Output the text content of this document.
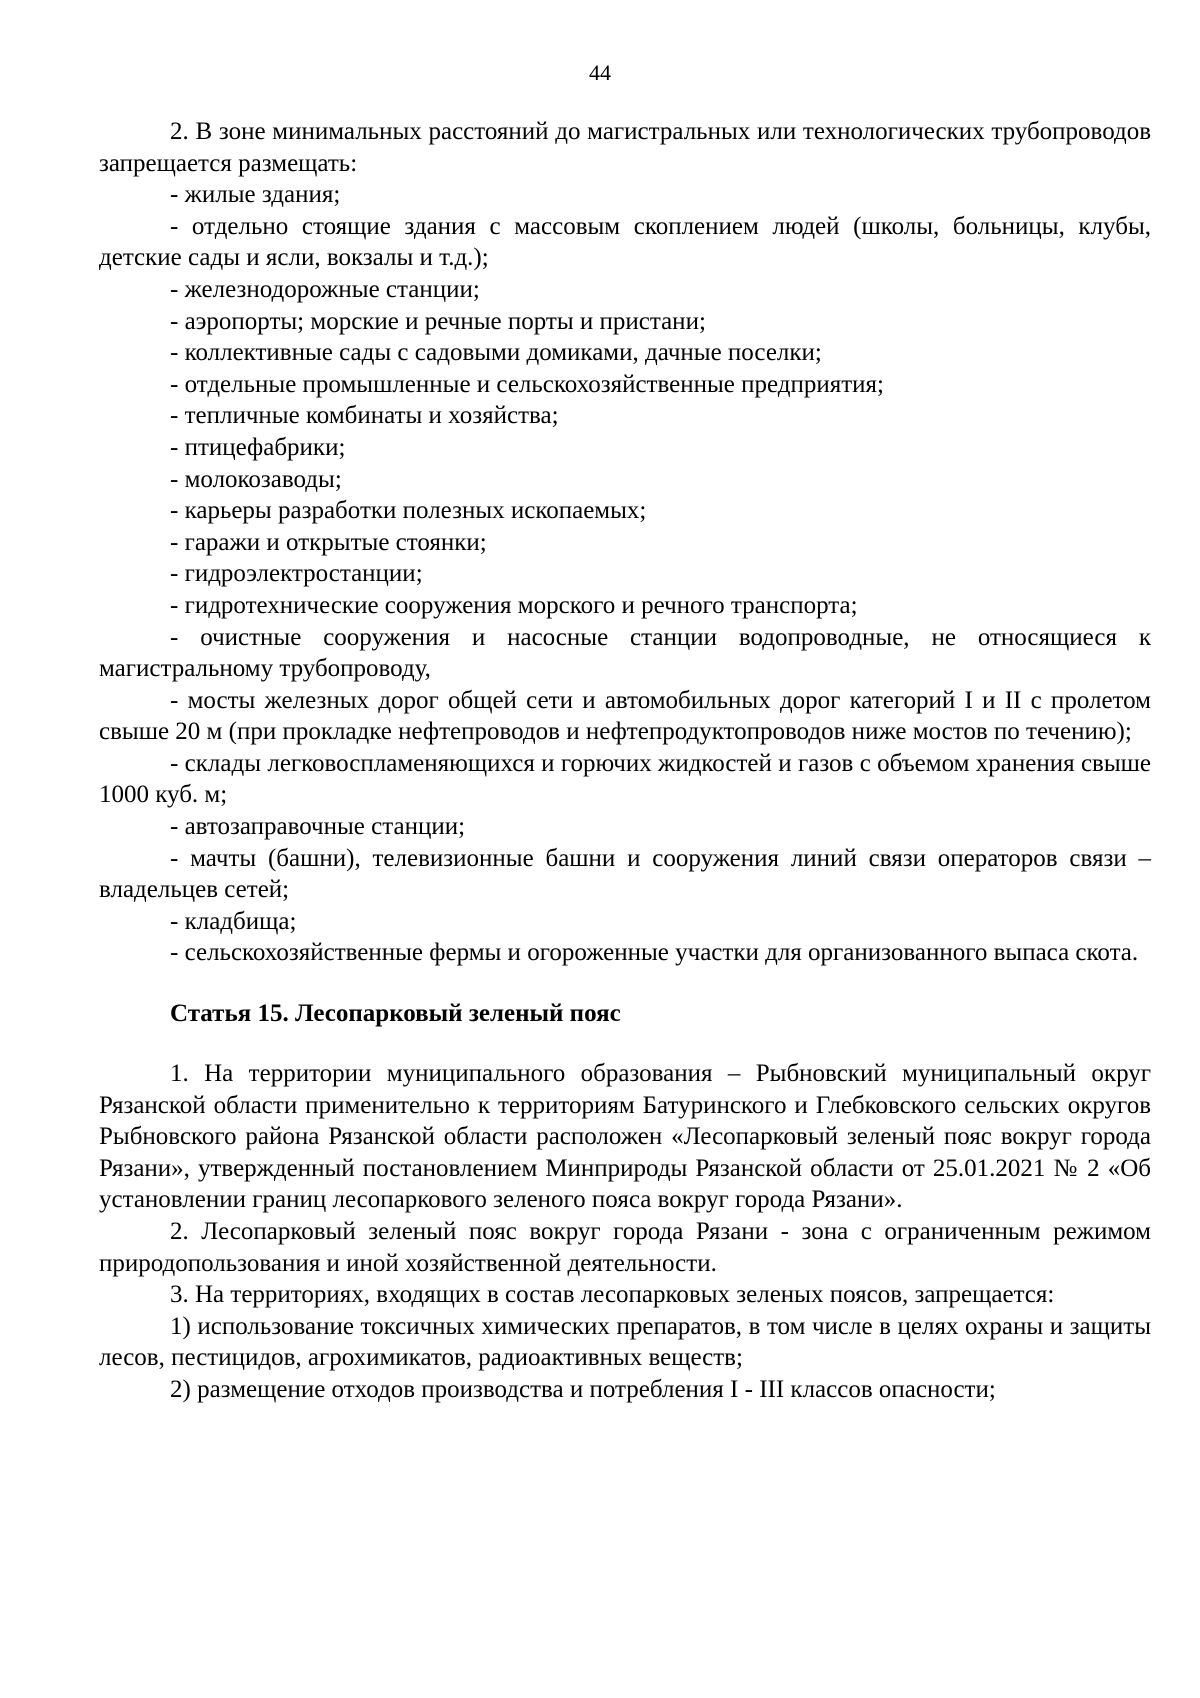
44

2. В зоне минимальных расстояний до магистральных или технологических трубопроводов запрещается размещать:

- жилые здания;

- отдельно стоящие здания с массовым скоплением людей (школы, больницы, клубы, детские сады и ясли, вокзалы и т.д.);

- железнодорожные станции;

- аэропорты; морские и речные порты и пристани;

- коллективные сады с садовыми домиками, дачные поселки;

- отдельные промышленные и сельскохозяйственные предприятия;

- тепличные комбинаты и хозяйства;

- птицефабрики;

- молокозаводы;

- карьеры разработки полезных ископаемых;

- гаражи и открытые стоянки;

- гидроэлектростанции;

- гидротехнические сооружения морского и речного транспорта;

- очистные сооружения и насосные станции водопроводные, не относящиеся к магистральному трубопроводу,

- мосты железных дорог общей сети и автомобильных дорог категорий I и II с пролетом свыше 20 м (при прокладке нефтепроводов и нефтепродуктопроводов ниже мостов по течению);

- склады легковоспламеняющихся и горючих жидкостей и газов с объемом хранения свыше 1000 куб. м;

- автозаправочные станции;

- мачты (башни), телевизионные башни и сооружения линий связи операторов связи – владельцев сетей;

- кладбища;

- сельскохозяйственные фермы и огороженные участки для организованного выпаса скота.

Статья 15. Лесопарковый зеленый пояс

1. На территории муниципального образования – Рыбновский муниципальный округ Рязанской области применительно к территориям Батуринского и Глебковского сельских округов Рыбновского района Рязанской области расположен «Лесопарковый зеленый пояс вокруг города Рязани», утвержденный постановлением Минприроды Рязанской области от 25.01.2021 № 2 «Об установлении границ лесопаркового зеленого пояса вокруг города Рязани».

2. Лесопарковый зеленый пояс вокруг города Рязани - зона с ограниченным режимом природопользования и иной хозяйственной деятельности.

3. На территориях, входящих в состав лесопарковых зеленых поясов, запрещается:

1) использование токсичных химических препаратов, в том числе в целях охраны и защиты лесов, пестицидов, агрохимикатов, радиоактивных веществ;

2) размещение отходов производства и потребления I - III классов опасности;
